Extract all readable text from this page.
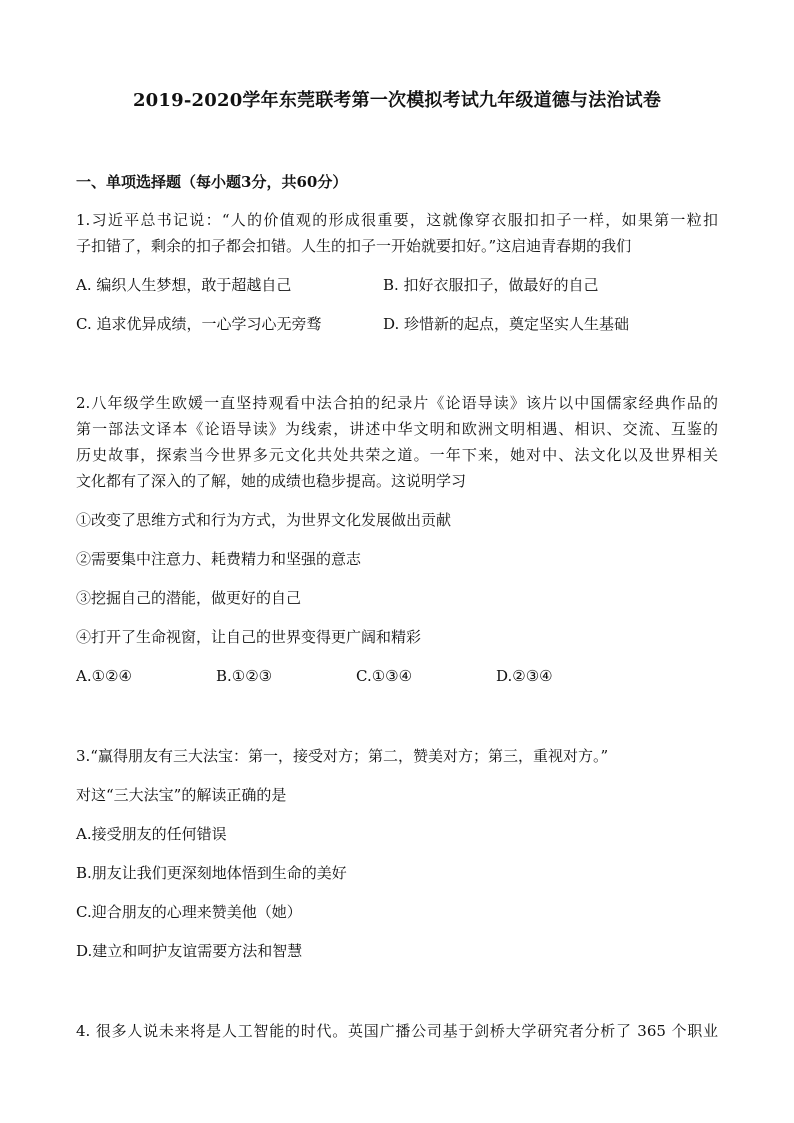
2019-2020学年东莞联考第一次模拟考试九年级道德与法治试卷
一、单项选择题（每小题3分，共60分）
1.习近平总书记说：“人的价值观的形成很重要，这就像穿衣服扣扣子一样，如果第一粒扣
子扣错了，剩余的扣子都会扣错。人生的扣子一开始就要扣好。”这启迪青春期的我们
A. 编织人生梦想，敢于超越自己	B. 扣好衣服扣子，做最好的自己
C. 追求优异成绩，一心学习心无旁骛	D. 珍惜新的起点，奠定坚实人生基础
2.八年级学生欧媛一直坚持观看中法合拍的纪录片《论语导读》该片以中国儒家经典作品的
第一部法文译本《论语导读》为线索，讲述中华文明和欧洲文明相遇、相识、交流、互鉴的
历史故事，探索当今世界多元文化共处共荣之道。一年下来，她对中、法文化以及世界相关
文化都有了深入的了解，她的成绩也稳步提高。这说明学习
①改变了思维方式和行为方式，为世界文化发展做出贡献
②需要集中注意力、耗费精力和坚强的意志
③挖掘自己的潜能，做更好的自己
④打开了生命视窗，让自己的世界变得更广阔和精彩
A.①②④	B.①②③	C.①③④	D.②③④
3.“赢得朋友有三大法宝：第一，接受对方；第二，赞美对方；第三，重视对方。”
对这“三大法宝”的解读正确的是
A.接受朋友的任何错误
B.朋友让我们更深刻地体悟到生命的美好
C.迎合朋友的心理来赞美他（她）
D.建立和呵护友谊需要方法和智慧
4. 很多人说未来将是人工智能的时代。英国广播公司基于剑桥大学研究者分析了 365 个职业
